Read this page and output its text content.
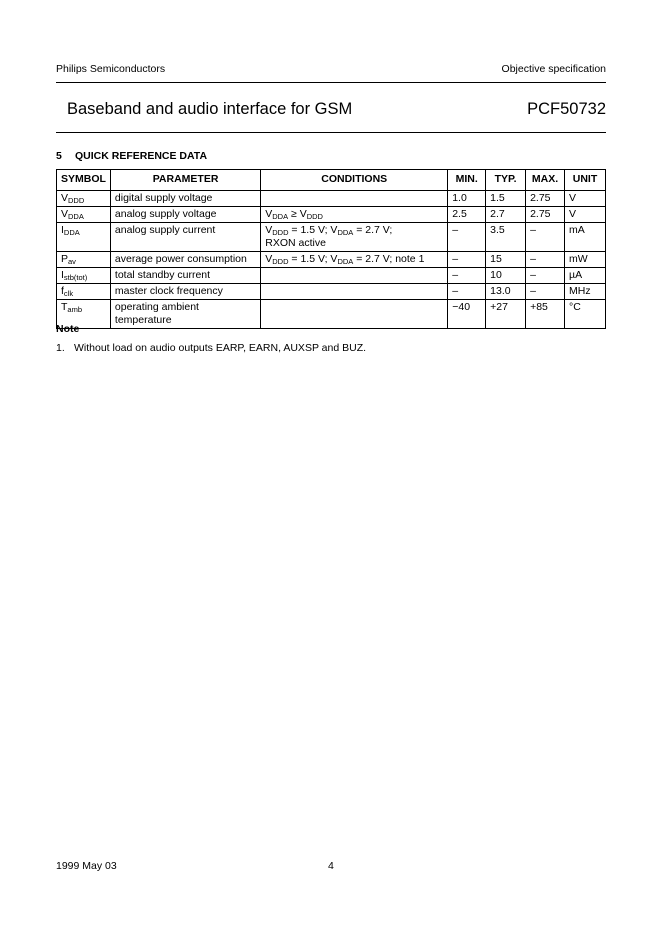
Philips Semiconductors	Objective specification
Baseband and audio interface for GSM	PCF50732
5 QUICK REFERENCE DATA
SYMBOL	PARAMETER	CONDITIONS	MIN.	TYP.	MAX.	UNIT
$V_{DDD}$	digital supply voltage		1.0	1.5	2.75	V
$V_{DDA}$	analog supply voltage	$V_{DDA} \ge V_{DDD}$	2.5	2.7	2.75	V
$I_{DDA}$	analog supply current	$V_{DDD} = 1.5$ V; $V_{DDA} = 2.7$ V;
RXON active	–	3.5	–	mA
$P_{av}$	average power consumption	$V_{DDD} = 1.5$ V; $V_{DDA} = 2.7$ V; note 1	–	15	–	mW
$I_{stb(tot)}$	total standby current		–	10	–	µA
$f_{clk}$	master clock frequency		–	13.0	–	MHz
$T_{amb}$	operating ambient temperature		−40	+27	+85	°C
Note
1. Without load on audio outputs EARP, EARN, AUXSP and BUZ.
1999 May 03	4
